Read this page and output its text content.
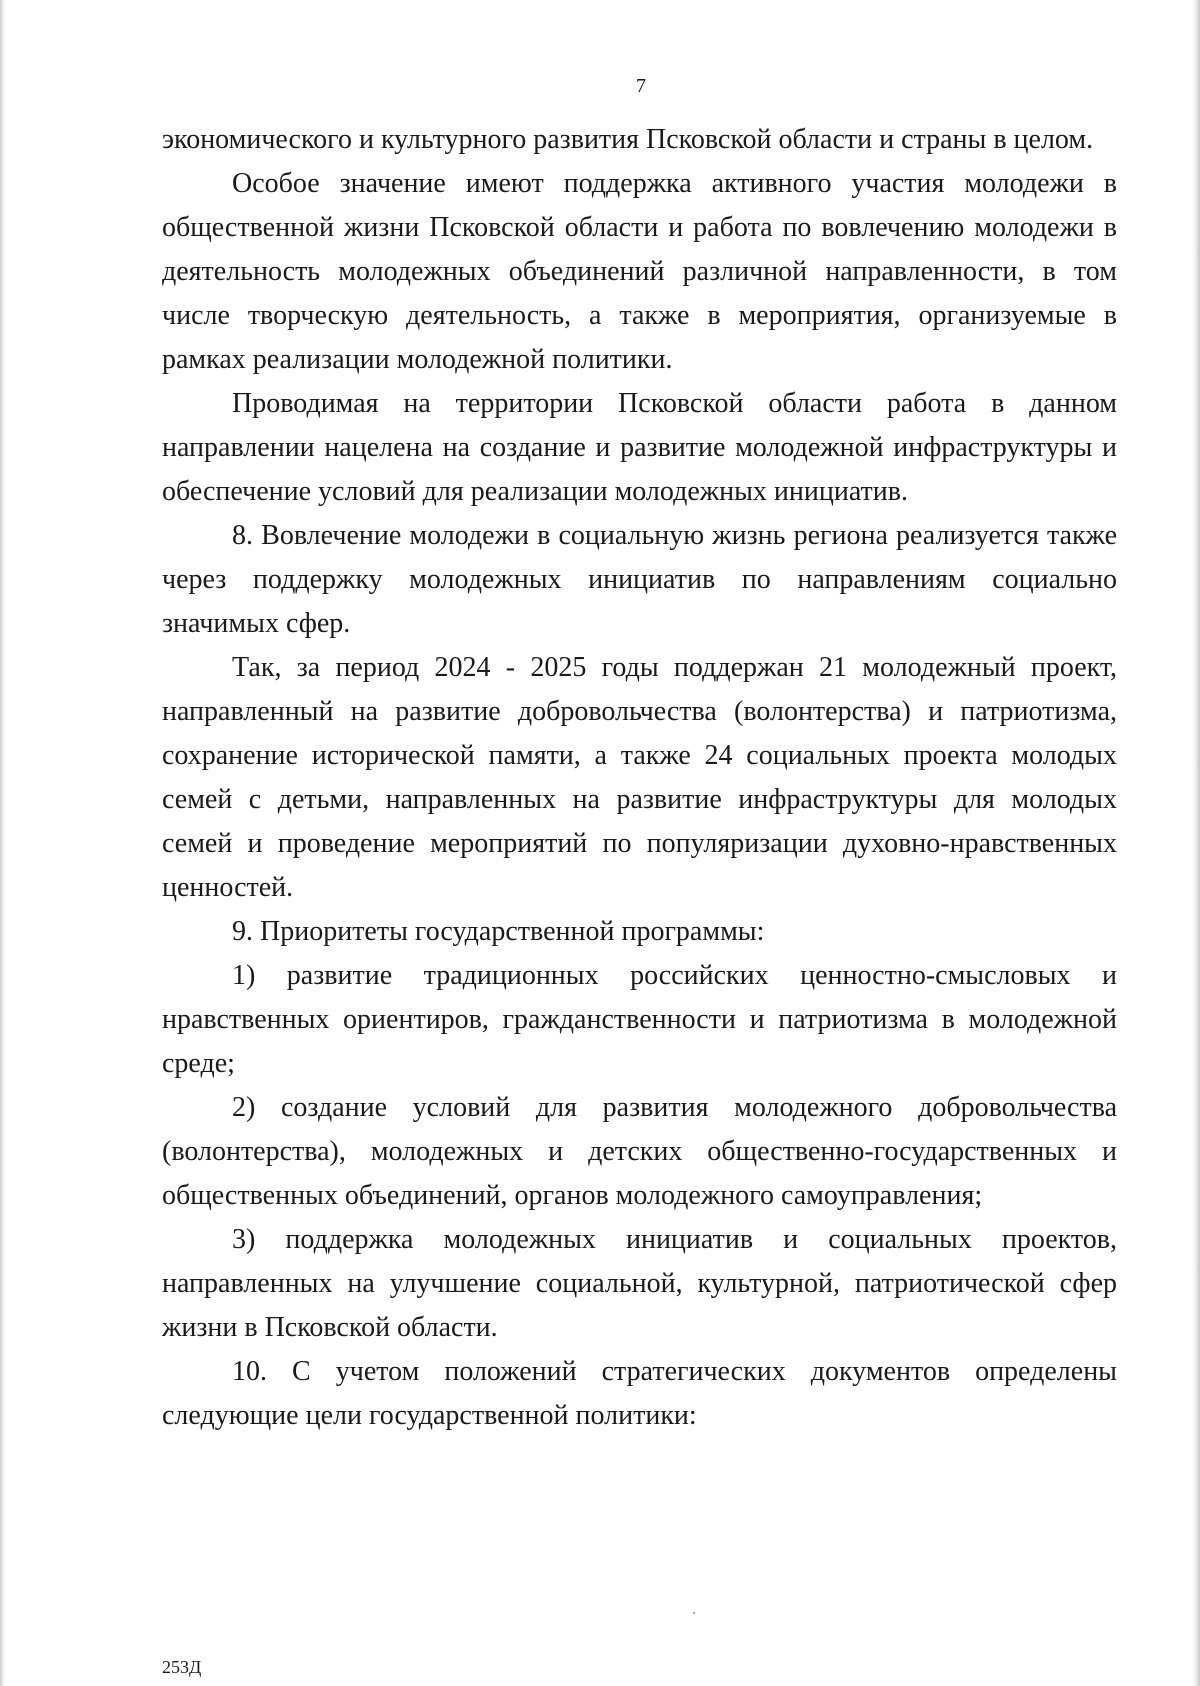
7

экономического и культурного развития Псковской области и страны в целом.

Особое значение имеют поддержка активного участия молодежи в общественной жизни Псковской области и работа по вовлечению молодежи в деятельность молодежных объединений различной направленности, в том числе творческую деятельность, а также в мероприятия, организуемые в рамках реализации молодежной политики.

Проводимая на территории Псковской области работа в данном направлении нацелена на создание и развитие молодежной инфраструктуры и обеспечение условий для реализации молодежных инициатив.

8. Вовлечение молодежи в социальную жизнь региона реализуется также через поддержку молодежных инициатив по направлениям социально значимых сфер.

Так, за период 2024 - 2025 годы поддержан 21 молодежный проект, направленный на развитие добровольчества (волонтерства) и патриотизма, сохранение исторической памяти, а также 24 социальных проекта молодых семей с детьми, направленных на развитие инфраструктуры для молодых семей и проведение мероприятий по популяризации духовно-нравственных ценностей.

9. Приоритеты государственной программы:

1) развитие традиционных российских ценностно-смысловых и нравственных ориентиров, гражданственности и патриотизма в молодежной среде;

2) создание условий для развития молодежного добровольчества (волонтерства), молодежных и детских общественно-государственных и общественных объединений, органов молодежного самоуправления;

3) поддержка молодежных инициатив и социальных проектов, направленных на улучшение социальной, культурной, патриотической сфер жизни в Псковской области.

10. С учетом положений стратегических документов определены следующие цели государственной политики:

253Д
